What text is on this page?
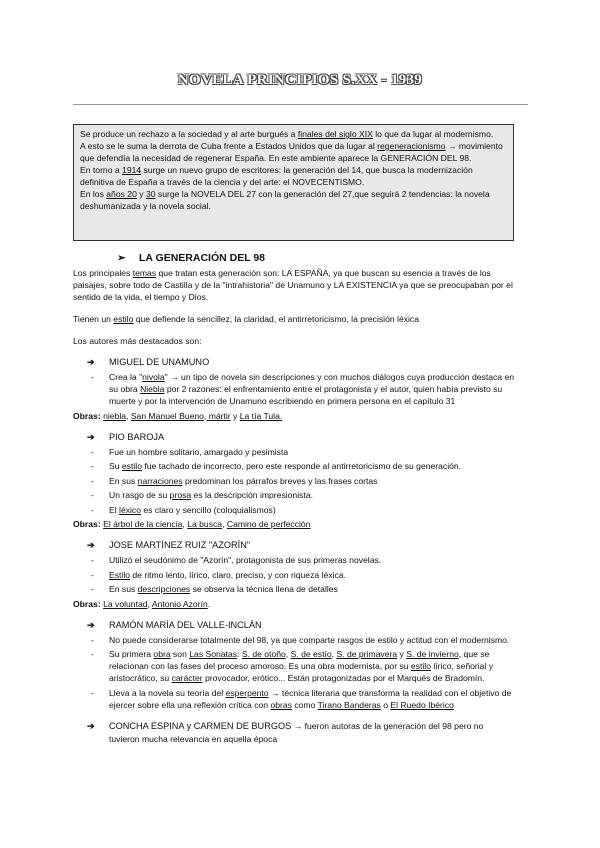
NOVELA PRINCIPIOS S.XX - 1939

Se produce un rechazo a la sociedad y al arte burgués a finales del siglo XIX lo que da lugar al modernismo.

A esto se le suma la derrota de Cuba frente a Estados Unidos que da lugar al regeneracionismo → movimiento que defendía la necesidad de regenerar España. En este ambiente aparece la GENERACIÓN DEL 98.

En torno a 1914 surge un nuevo grupo de escritores: la generación del 14, que busca la modernización definitiva de España a través de la ciencia y del arte: el NOVECENTISMO.

En los años 20 y 30 surge la NOVELA DEL 27 con la generación del 27,que seguirá 2 tendencias: la novela deshumanizada y la novela social.

➢ LA GENERACIÓN DEL 98

Los principales temas que tratan esta generación son: LA ESPAÑA, ya que buscan su esencia a través de los paisajes, sobre todo de Castilla y de la "intrahistoria" de Unamuno y LA EXISTENCIA ya que se preocupaban por el sentido de la vida, el tiempo y Dios.

Tienen un estilo que defiende la sencillez, la claridad, el antirretoricismo, la precisión léxica

Los autores más destacados son:

➔ MIGUEL DE UNAMUNO
- Crea la "nivola" → un tipo de novela sin descripciones y con muchos diálogos cuya producción destaca en su obra Niebla por 2 razones: el enfrentamiento entre el protagonista y el autor, quien había previsto su muerte y por la intervención de Unamuno escribiendo en primera persona en el capítulo 31
Obras: niebla, San Manuel Bueno, mártir y La tía Tula.
➔ PIO BAROJA
- Fue un hombre solitario, amargado y pesimista
- Su estilo fue tachado de incorrecto, pero este responde al antirretoricismo de su generación.
- En sus narraciones predominan los párrafos breves y las frases cortas
- Un rasgo de su prosa es la descripción impresionista.
- El léxico es claro y sencillo (coloquialismos)
Obras: El árbol de la ciencia, La busca, Camino de perfección
➔ JOSE MARTÍNEZ RUIZ "AZORÍN"
- Utilizó el seudónimo de "Azorín", protagonista de sus primeras novelas.
- Estilo de ritmo lento, lírico, claro, preciso, y con riqueza léxica.
- En sus descripciones se observa la técnica llena de detalles
Obras: La voluntad, Antonio Azorín.
➔ RAMÓN MARÍA DEL VALLE-INCLÁN
- No puede considerarse totalmente del 98, ya que comparte rasgos de estilo y actitud con el modernismo.
- Su primera obra son Las Sonatas: S. de otoño, S. de estío, S. de primavera y S. de invierno, que se relacionan con las fases del proceso amoroso. Es una obra modernista, por su estilo lírico, señorial y aristocrático, su carácter provocador, erótico... Están protagonizadas por el Marqués de Bradomín.
- Lleva a la novela su teoría del esperpento → técnica literaria que transforma la realidad con el objetivo de ejercer sobre ella una reflexión crítica con obras como Tirano Banderas o El Ruedo Ibérico
➔ CONCHA ESPINA y CARMEN DE BURGOS → fueron autoras de la generación del 98 pero no
tuvieron mucha relevancia en aquella época
